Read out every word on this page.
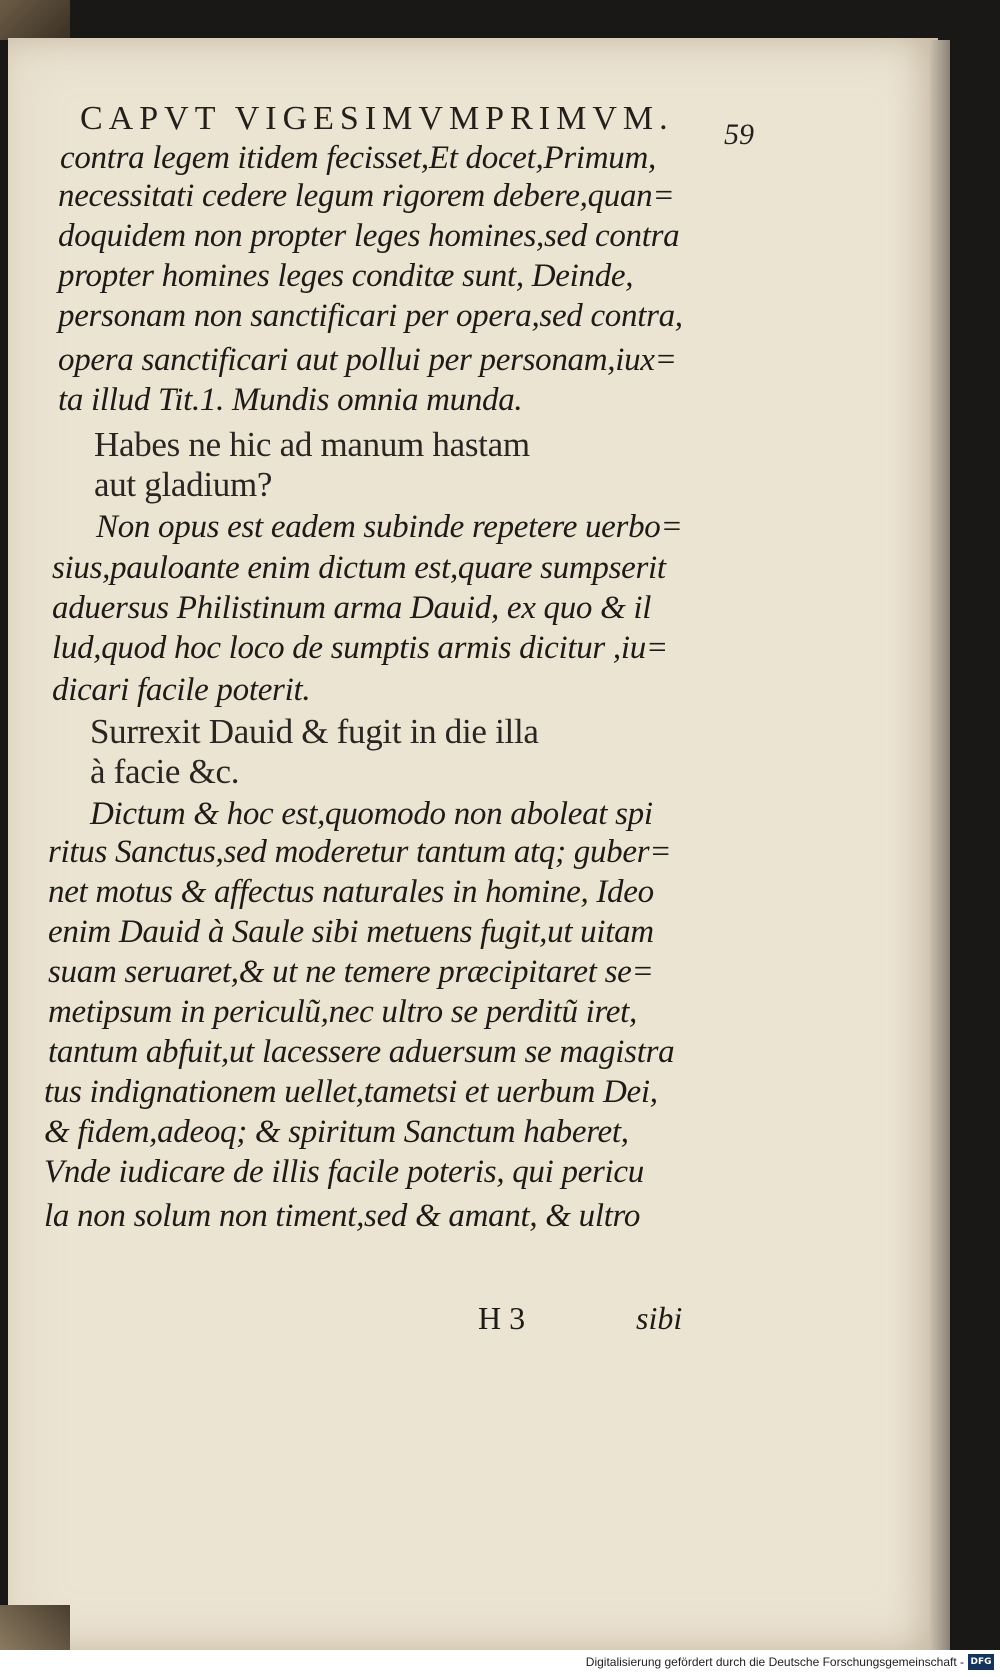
CAPVT VIGESIMVMPRIMVM.	59
contra legem itidem fecisset,Et docet,Primum,
necessitati cedere legum rigorem debere,quan=
doquidem non propter leges homines,sed contra
propter homines leges conditæ sunt, Deinde,
personam non sanctificari per opera,sed contra,
opera sanctificari aut pollui per personam,iux=
ta illud Tit.1. Mundis omnia munda.
Habes ne hic ad manum hastam
aut gladium?
Non opus est eadem subinde repetere uerbo=
sius,pauloante enim dictum est,quare sumpserit
aduersus Philistinum arma Dauid, ex quo & il
lud,quod hoc loco de sumptis armis dicitur ,iu=
dicari facile poterit.
Surrexit Dauid & fugit in die illa
à facie &c.
Dictum & hoc est,quomodo non aboleat spi
ritus Sanctus,sed moderetur tantum atq; guber=
net motus & affectus naturales in homine, Ideo
enim Dauid à Saule sibi metuens fugit,ut uitam
suam seruaret,& ut ne temere præcipitaret se=
metipsum in periculũ,nec ultro se perditũ iret,
tantum abfuit,ut lacessere aduersum se magistra
tus indignationem uellet,tametsi et uerbum Dei,
& fidem,adeoq; & spiritum Sanctum haberet,
Vnde iudicare de illis facile poteris, qui pericu
la non solum non timent,sed & amant, & ultro
H 3	sibi
Digitalisierung gefördert durch die Deutsche Forschungsgemeinschaft - DFG
